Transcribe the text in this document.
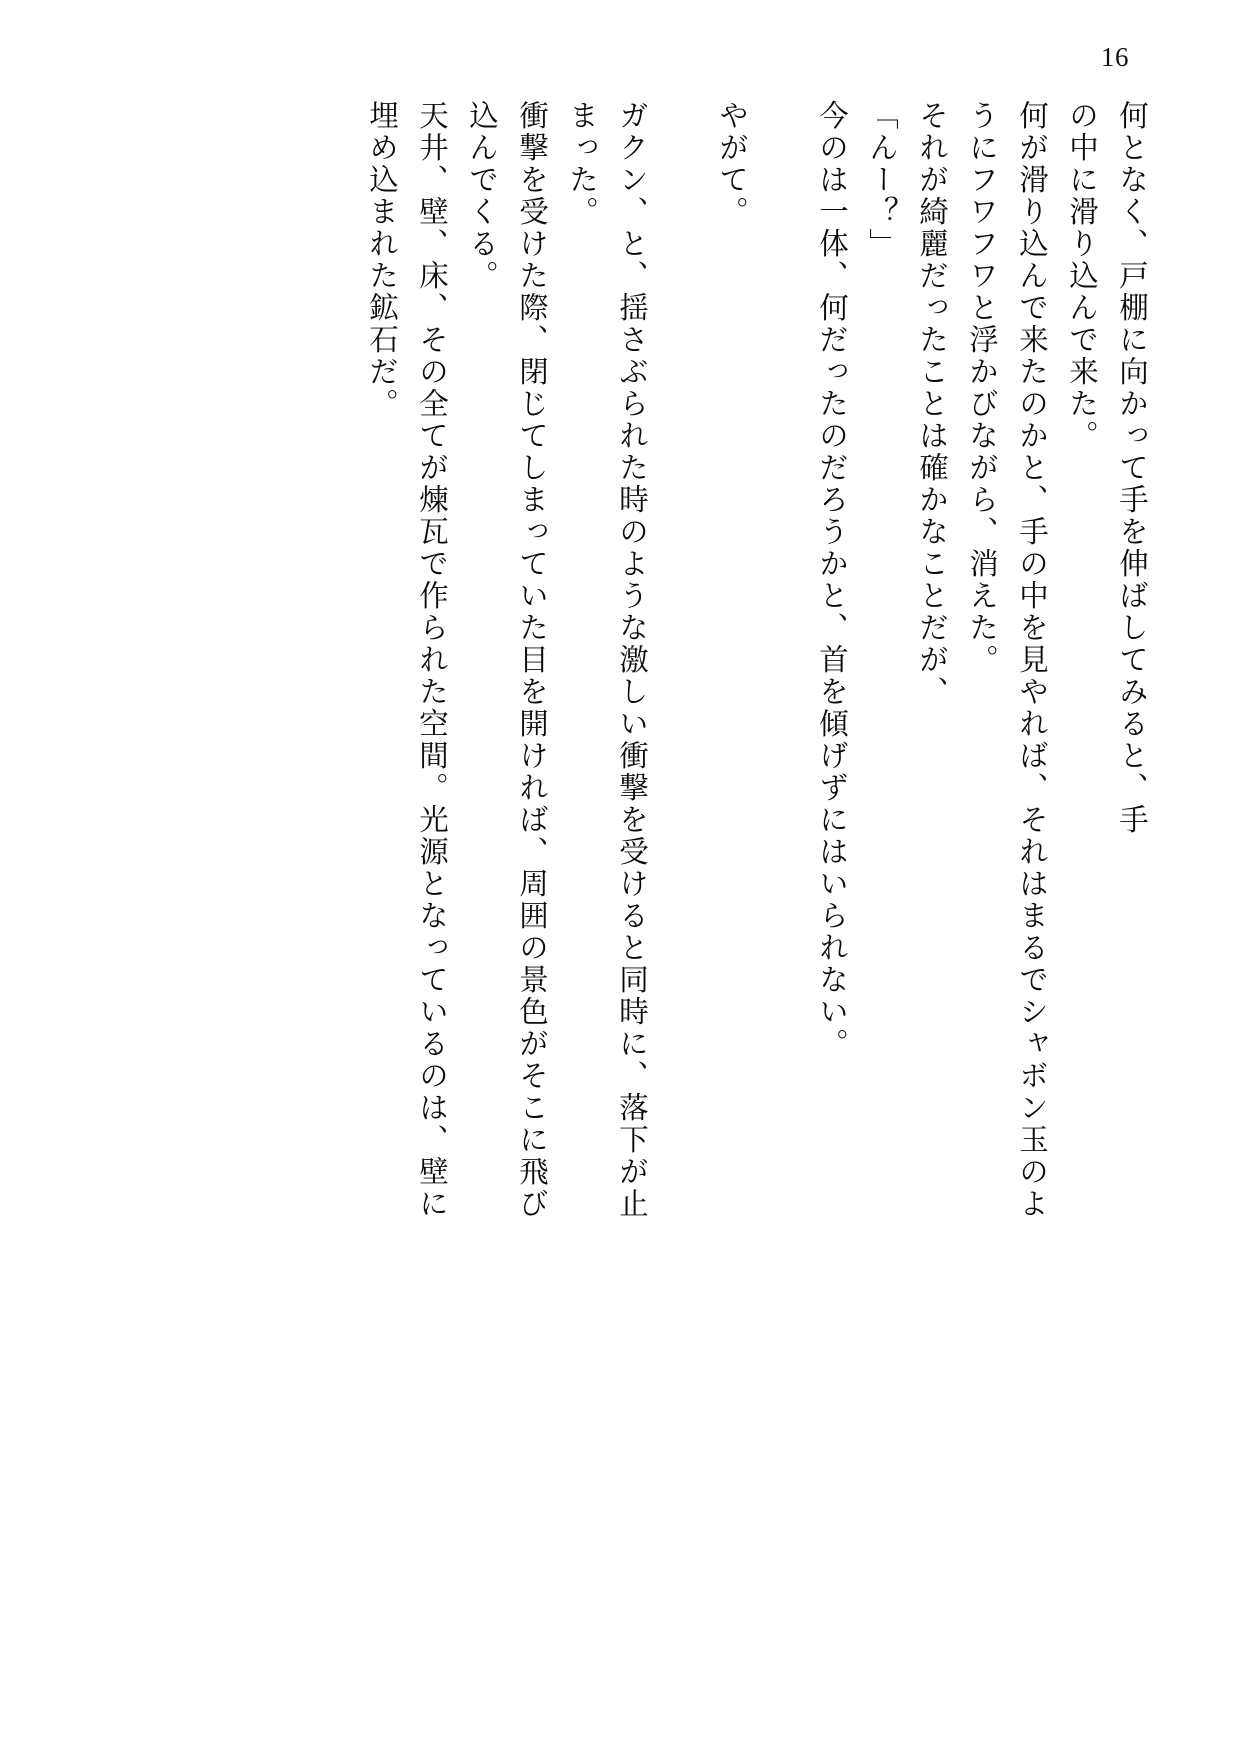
16
何となく、戸棚に向かって手を伸ばしてみると、手
の中に滑り込んで来た。
何が滑り込んで来たのかと、手の中を見やれば、それはまるでシャボン玉のよ
うにフワフワと浮かびながら、消えた。
それが綺麗だったことは確かなことだが、
「んー？」
今のは一体、何だったのだろうかと、首を傾げずにはいられない。
やがて。
ガクン、と、揺さぶられた時のような激しい衝撃を受けると同時に、落下が止
まった。
衝撃を受けた際、閉じてしまっていた目を開ければ、周囲の景色がそこに飛び
込んでくる。
天井、壁、床、その全てが煉瓦で作られた空間。光源となっているのは、壁に
埋め込まれた鉱石だ。
